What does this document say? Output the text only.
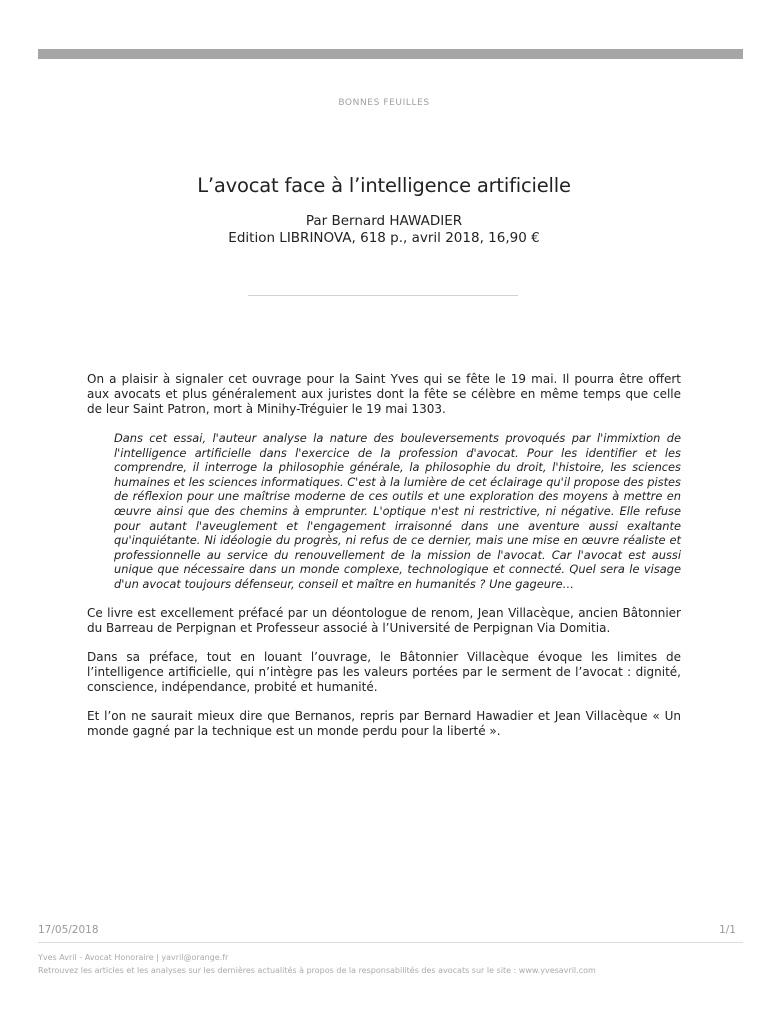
BONNES FEUILLES
L’avocat face à l’intelligence artificielle
Par Bernard HAWADIER
Edition LIBRINOVA, 618 p., avril 2018, 16,90 €

On a plaisir à signaler cet ouvrage pour la Saint Yves qui se fête le 19 mai. Il pourra être offert aux avocats et plus généralement aux juristes dont la fête se célèbre en même temps que celle de leur Saint Patron, mort à Minihy-Tréguier le 19 mai 1303.

Dans cet essai, l'auteur analyse la nature des bouleversements provoqués par l'immixtion de l'intelligence artificielle dans l'exercice de la profession d'avocat. Pour les identifier et les comprendre, il interroge la philosophie générale, la philosophie du droit, l'histoire, les sciences humaines et les sciences informatiques. C'est à la lumière de cet éclairage qu'il propose des pistes de réflexion pour une maîtrise moderne de ces outils et une exploration des moyens à mettre en œuvre ainsi que des chemins à emprunter. L'optique n'est ni restrictive, ni négative. Elle refuse pour autant l'aveuglement et l'engagement irraisonné dans une aventure aussi exaltante qu'inquiétante. Ni idéologie du progrès, ni refus de ce dernier, mais une mise en œuvre réaliste et professionnelle au service du renouvellement de la mission de l'avocat. Car l'avocat est aussi unique que nécessaire dans un monde complexe, technologique et connecté. Quel sera le visage d'un avocat toujours défenseur, conseil et maître en humanités ? Une gageure…

Ce livre est excellement préfacé par un déontologue de renom, Jean Villacèque, ancien Bâtonnier du Barreau de Perpignan et Professeur associé à l’Université de Perpignan Via Domitia.

Dans sa préface, tout en louant l’ouvrage, le Bâtonnier Villacèque évoque les limites de l’intelligence artificielle, qui n’intègre pas les valeurs portées par le serment de l’avocat : dignité, conscience, indépendance, probité et humanité.

Et l’on ne saurait mieux dire que Bernanos, repris par Bernard Hawadier et Jean Villacèque « Un monde gagné par la technique est un monde perdu pour la liberté ».

17/05/2018	1/1
Yves Avril - Avocat Honoraire | yavril@orange.fr
Retrouvez les articles et les analyses sur les dernières actualités à propos de la responsabilités des avocats sur le site : www.yvesavril.com
